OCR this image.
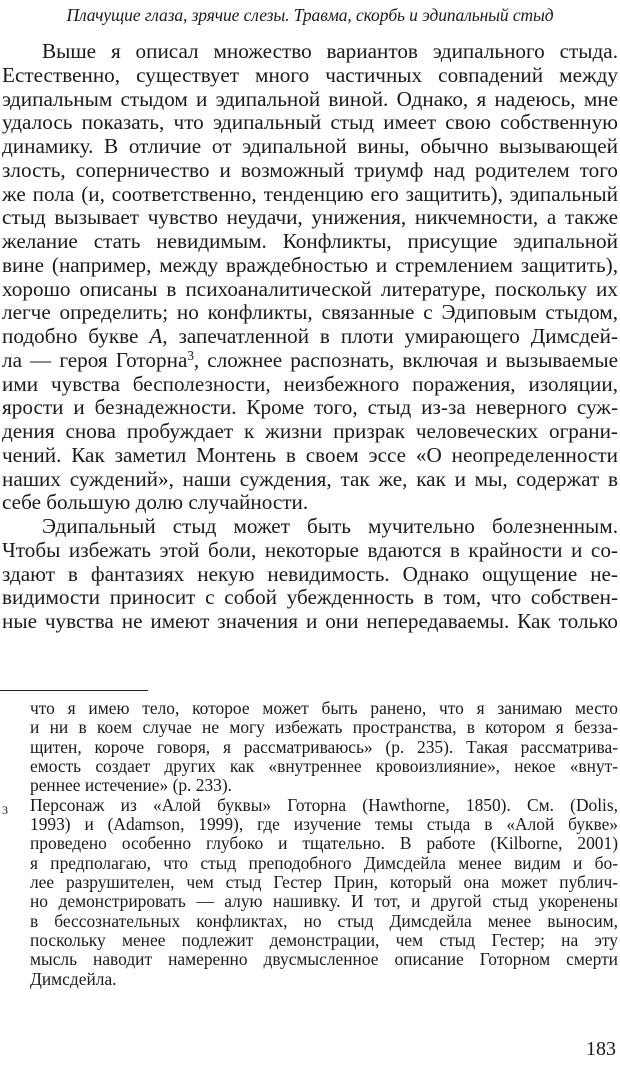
Плачущие глаза, зрячие слезы. Травма, скорбь и эдипальный стыд
Выше я описал множество вариантов эдипального стыда.
Естественно, существует много частичных совпадений между
эдипальным стыдом и эдипальной виной. Однако, я надеюсь, мне
удалось показать, что эдипальный стыд имеет свою собственную
динамику. В отличие от эдипальной вины, обычно вызывающей
злость, соперничество и возможный триумф над родителем того
же пола (и, соответственно, тенденцию его защитить), эдипальный
стыд вызывает чувство неудачи, унижения, никчемности, а также
желание стать невидимым. Конфликты, присущие эдипальной
вине (например, между враждебностью и стремлением защитить),
хорошо описаны в психоаналитической литературе, поскольку их
легче определить; но конфликты, связанные с Эдиповым стыдом,
подобно букве A, запечатленной в плоти умирающего Димсдей-
ла — героя Готорна$^3$, сложнее распознать, включая и вызываемые
ими чувства бесполезности, неизбежного поражения, изоляции,
ярости и безнадежности. Кроме того, стыд из-за неверного суж-
дения снова пробуждает к жизни призрак человеческих ограни-
чений. Как заметил Монтень в своем эссе «О неопределенности
наших суждений», наши суждения, так же, как и мы, содержат в
себе большую долю случайности.
Эдипальный стыд может быть мучительно болезненным.
Чтобы избежать этой боли, некоторые вдаются в крайности и со-
здают в фантазиях некую невидимость. Однако ощущение не-
видимости приносит с собой убежденность в том, что собствен-
ные чувства не имеют значения и они непередаваемы. Как только
что я имею тело, которое может быть ранено, что я занимаю место
и ни в коем случае не могу избежать пространства, в котором я безза-
щитен, короче говоря, я рассматриваюсь» (p. 235). Такая рассматрива-
емость создает других как «внутреннее кровоизлияние», некое «внут-
реннее истечение» (p. 233).
Персонаж из «Алой буквы» Готорна (Hawthorne, 1850). См. (Dolis,
1993) и (Adamson, 1999), где изучение темы стыда в «Алой букве»
проведено особенно глубоко и тщательно. В работе (Kilborne, 2001)
я предполагаю, что стыд преподобного Димсдейла менее видим и бо-
лее разрушителен, чем стыд Гестер Прин, который она может публич-
но демонстрировать — алую нашивку. И тот, и другой стыд укоренены
в бессознательных конфликтах, но стыд Димсдейла менее выносим,
поскольку менее подлежит демонстрации, чем стыд Гестер; на эту
мысль наводит намеренно двусмысленное описание Готорном смерти
Димсдейла.
3
183
